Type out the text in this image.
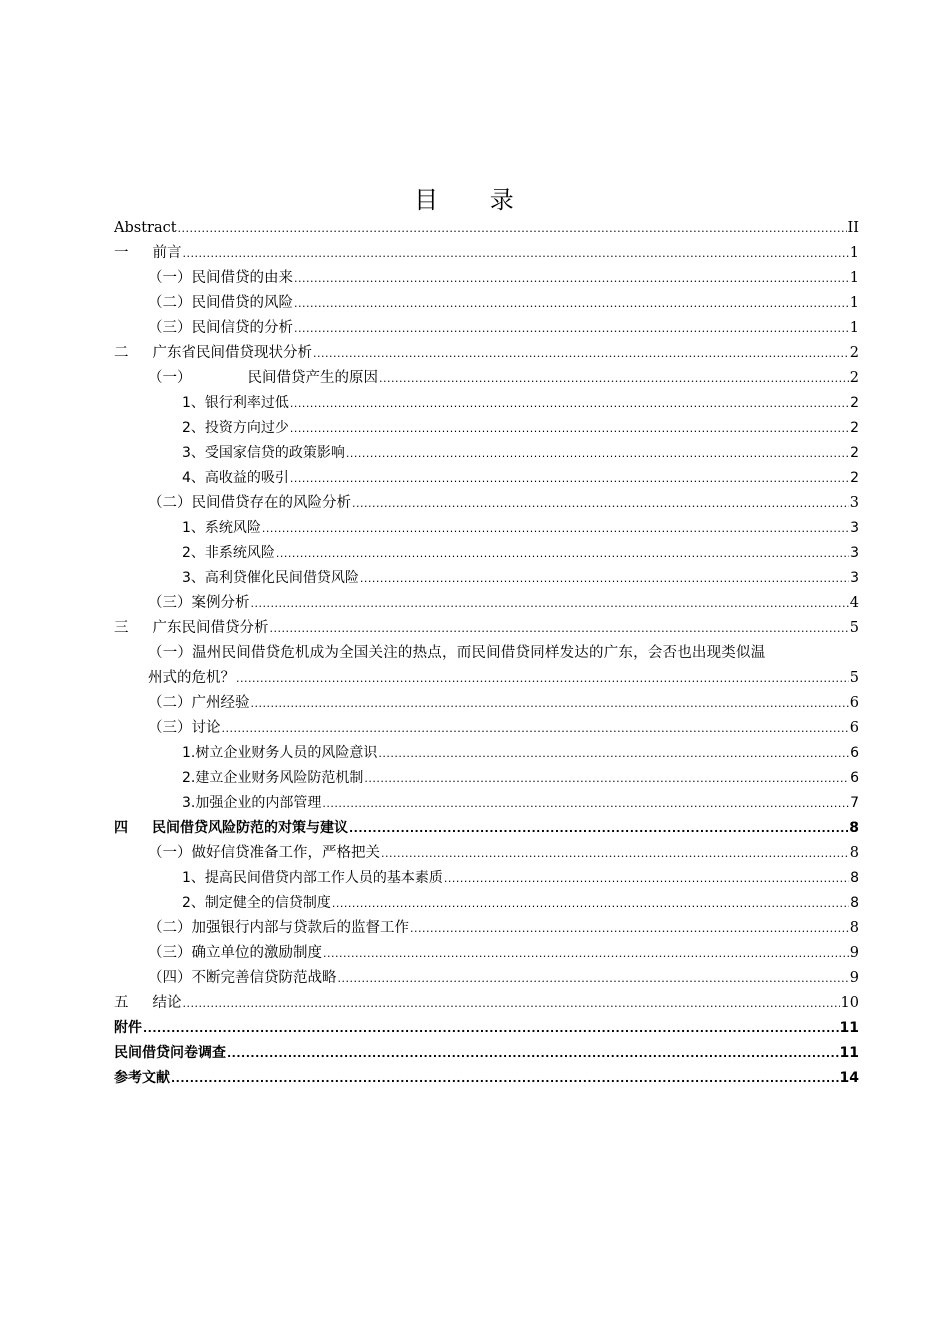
目 录
Abstract .....	II
一 前言 .....	1
（一）民间借贷的由来 .....	1
（二）民间借贷的风险 .....	1
（三）民间信贷的分析 .....	1
二 广东省民间借贷现状分析 .....	2
（一）	民间借贷产生的原因 .....	2
1、银行利率过低 .....	2
2、投资方向过少 .....	2
3、受国家信贷的政策影响 .....	2
4、高收益的吸引 .....	2
（二）民间借贷存在的风险分析 .....	3
1、系统风险 .....	3
2、非系统风险 .....	3
3、高利贷催化民间借贷风险 .....	3
（三）案例分析 .....	4
三 广东民间借贷分析 .....	5
（一）温州民间借贷危机成为全国关注的热点，而民间借贷同样发达的广东，会否也出现类似温
州式的危机？ .....	5
（二）广州经验 .....	6
（三）讨论 .....	6
1.树立企业财务人员的风险意识 .....	6
2.建立企业财务风险防范机制 .....	6
3.加强企业的内部管理 .....	7
四 民间借贷风险防范的对策与建议 .....	8
（一）做好信贷准备工作，严格把关 .....	8
1、提高民间借贷内部工作人员的基本素质 .....	8
2、制定健全的信贷制度 .....	8
（二）加强银行内部与贷款后的监督工作 .....	8
（三）确立单位的激励制度 .....	9
（四）不断完善信贷防范战略 .....	9
五 结论 .....	10
附件 .....	11
民间借贷问卷调查 .....	11
参考文献 .....	14
